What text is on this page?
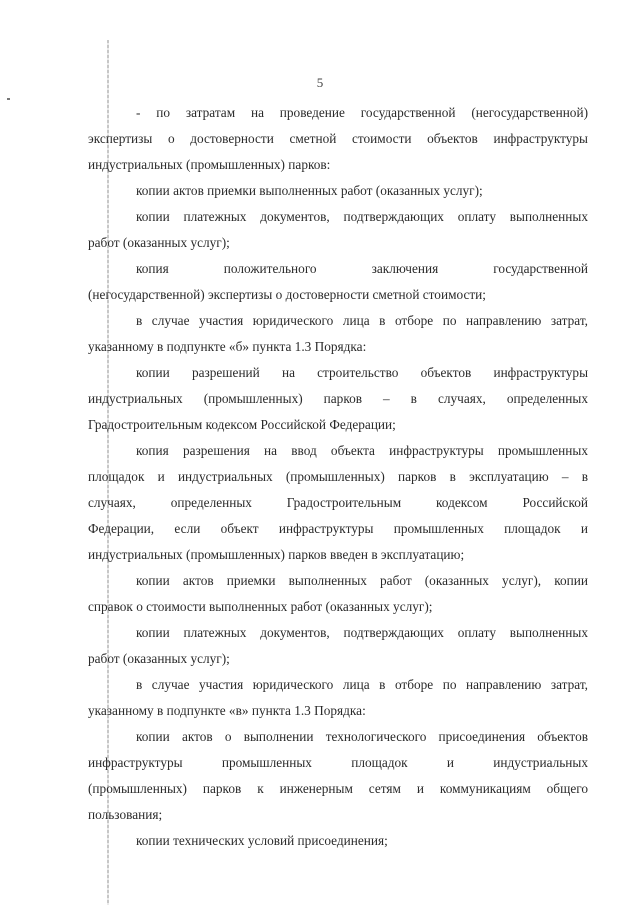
5

- по затратам на проведение государственной (негосударственной)
экспертизы о достоверности сметной стоимости объектов инфраструктуры
индустриальных (промышленных) парков:

копии актов приемки выполненных работ (оказанных услуг);

копии платежных документов, подтверждающих оплату выполненных
работ (оказанных услуг);

копия положительного заключения государственной
(негосударственной) экспертизы о достоверности сметной стоимости;

в случае участия юридического лица в отборе по направлению затрат,
указанному в подпункте «б» пункта 1.3 Порядка:

копии разрешений на строительство объектов инфраструктуры
индустриальных (промышленных) парков – в случаях, определенных
Градостроительным кодексом Российской Федерации;

копия разрешения на ввод объекта инфраструктуры промышленных
площадок и индустриальных (промышленных) парков в эксплуатацию – в
случаях, определенных Градостроительным кодексом Российской
Федерации, если объект инфраструктуры промышленных площадок и
индустриальных (промышленных) парков введен в эксплуатацию;

копии актов приемки выполненных работ (оказанных услуг), копии
справок о стоимости выполненных работ (оказанных услуг);

копии платежных документов, подтверждающих оплату выполненных
работ (оказанных услуг);

в случае участия юридического лица в отборе по направлению затрат,
указанному в подпункте «в» пункта 1.3 Порядка:

копии актов о выполнении технологического присоединения объектов
инфраструктуры промышленных площадок и индустриальных
(промышленных) парков к инженерным сетям и коммуникациям общего
пользования;

копии технических условий присоединения;
